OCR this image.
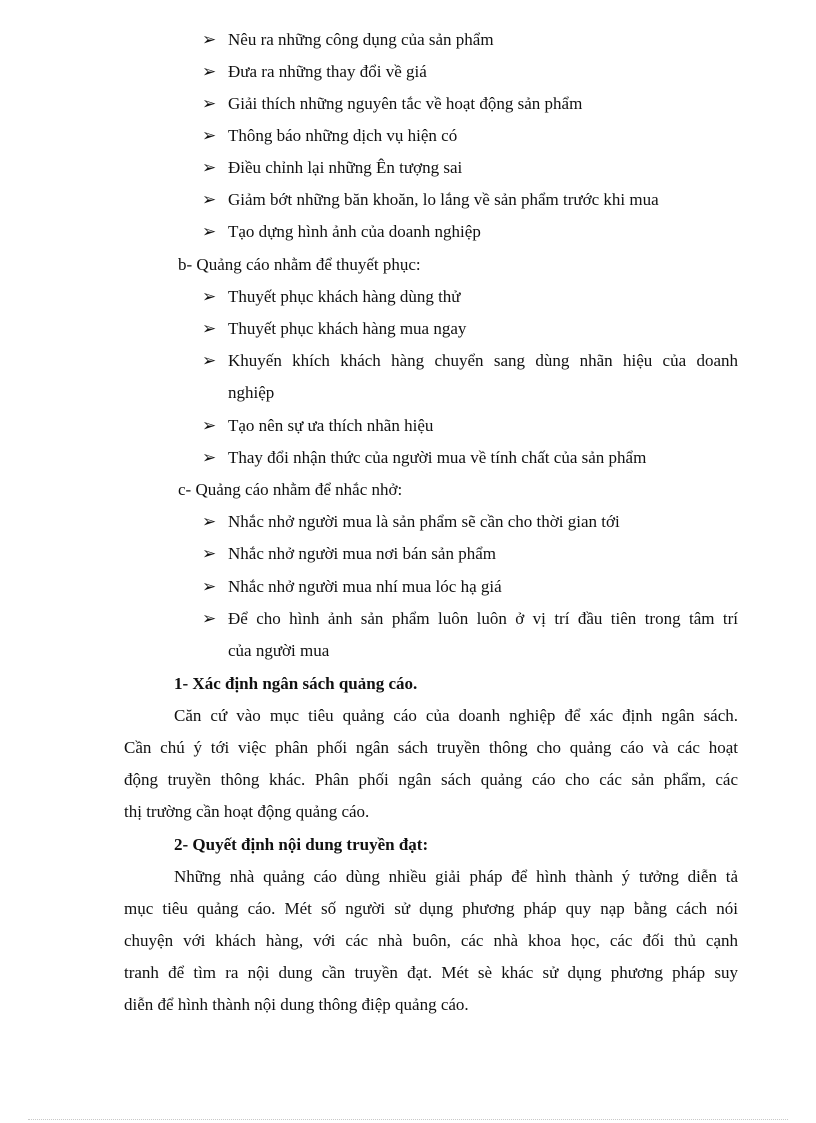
➢ Nêu ra những công dụng của sản phẩm
➢ Đưa ra những thay đổi về giá
➢ Giải thích những nguyên tắc về hoạt động sản phẩm
➢ Thông báo những dịch vụ hiện có
➢ Điều chỉnh lại những Ên tượng sai
➢ Giảm bớt những băn khoăn, lo lắng về sản phẩm trước khi mua
➢ Tạo dựng hình ảnh của doanh nghiệp
b- Quảng cáo nhằm để thuyết phục:
➢ Thuyết phục khách hàng dùng thử
➢ Thuyết phục khách hàng mua ngay
➢ Khuyến khích khách hàng chuyển sang dùng nhãn hiệu của doanh
nghiệp
➢ Tạo nên sự ưa thích nhãn hiệu
➢ Thay đổi nhận thức của người mua về tính chất của sản phẩm
c- Quảng cáo nhằm để nhắc nhở:
➢ Nhắc nhở người mua là sản phẩm sẽ cần cho thời gian tới
➢ Nhắc nhở người mua nơi bán sản phẩm
➢ Nhắc nhở người mua nhí mua lóc hạ giá
➢ Để cho hình ảnh sản phẩm luôn luôn ở vị trí đầu tiên trong tâm trí
của người mua
1- Xác định ngân sách quảng cáo.
Căn cứ vào mục tiêu quảng cáo của doanh nghiệp để xác định ngân sách.
Cần chú ý tới việc phân phối ngân sách truyền thông cho quảng cáo và các hoạt
động truyền thông khác. Phân phối ngân sách quảng cáo cho các sản phẩm, các
thị trường cần hoạt động quảng cáo.
2- Quyết định nội dung truyền đạt:
Những nhà quảng cáo dùng nhiều giải pháp để hình thành ý tưởng diễn tả
mục tiêu quảng cáo. Mét số người sử dụng phương pháp quy nạp bằng cách nói
chuyện với khách hàng, với các nhà buôn, các nhà khoa học, các đối thủ cạnh
tranh để tìm ra nội dung cần truyền đạt. Mét sè khác sử dụng phương pháp suy
diễn để hình thành nội dung thông điệp quảng cáo.
